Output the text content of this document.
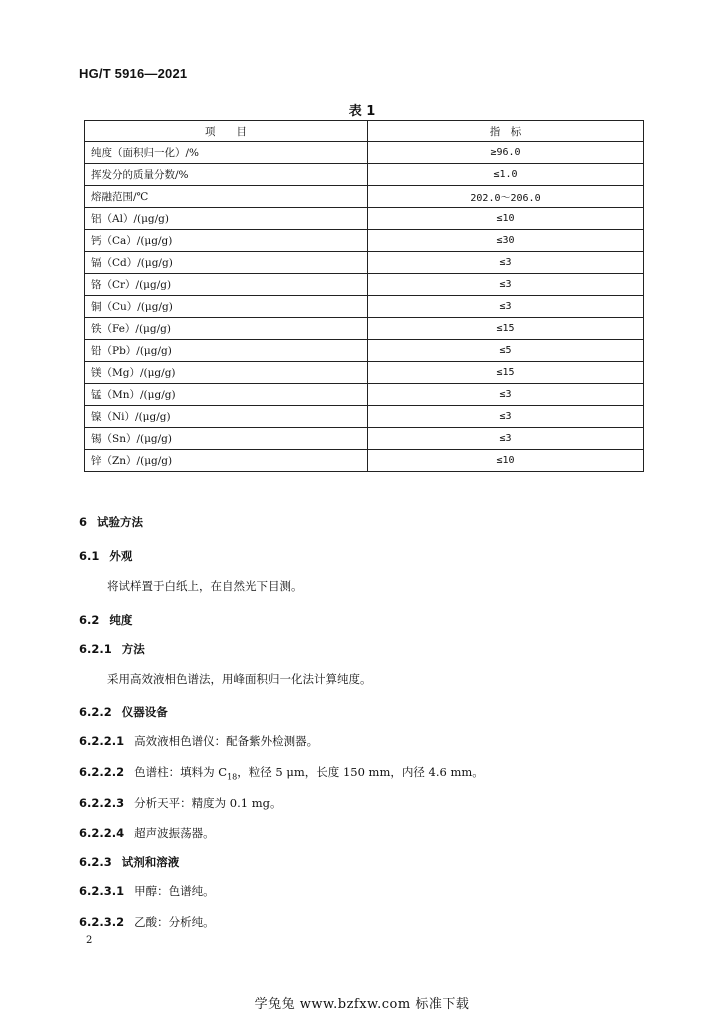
HG/T 5916—2021
表 1
项　　目	指　标
纯度（面积归一化）/%	≥96.0
挥发分的质量分数/%	≤1.0
熔融范围/℃	202.0～206.0
铝（Al）/(μg/g)	≤10
钙（Ca）/(μg/g)	≤30
镉（Cd）/(μg/g)	≤3
铬（Cr）/(μg/g)	≤3
铜（Cu）/(μg/g)	≤3
铁（Fe）/(μg/g)	≤15
铅（Pb）/(μg/g)	≤5
镁（Mg）/(μg/g)	≤15
锰（Mn）/(μg/g)	≤3
镍（Ni）/(μg/g)	≤3
锡（Sn）/(μg/g)	≤3
锌（Zn）/(μg/g)	≤10
6 试验方法
6.1 外观
将试样置于白纸上，在自然光下目测。
6.2 纯度
6.2.1 方法
采用高效液相色谱法，用峰面积归一化法计算纯度。
6.2.2 仪器设备
6.2.2.1 高效液相色谱仪：配备紫外检测器。
6.2.2.2 色谱柱：填料为 $C_{18}$，粒径 5 μm，长度 150 mm，内径 4.6 mm。
6.2.2.3 分析天平：精度为 0.1 mg。
6.2.2.4 超声波振荡器。
6.2.3 试剂和溶液
6.2.3.1 甲醇：色谱纯。
6.2.3.2 乙酸：分析纯。
2
学兔兔 www.bzfxw.com 标准下载
